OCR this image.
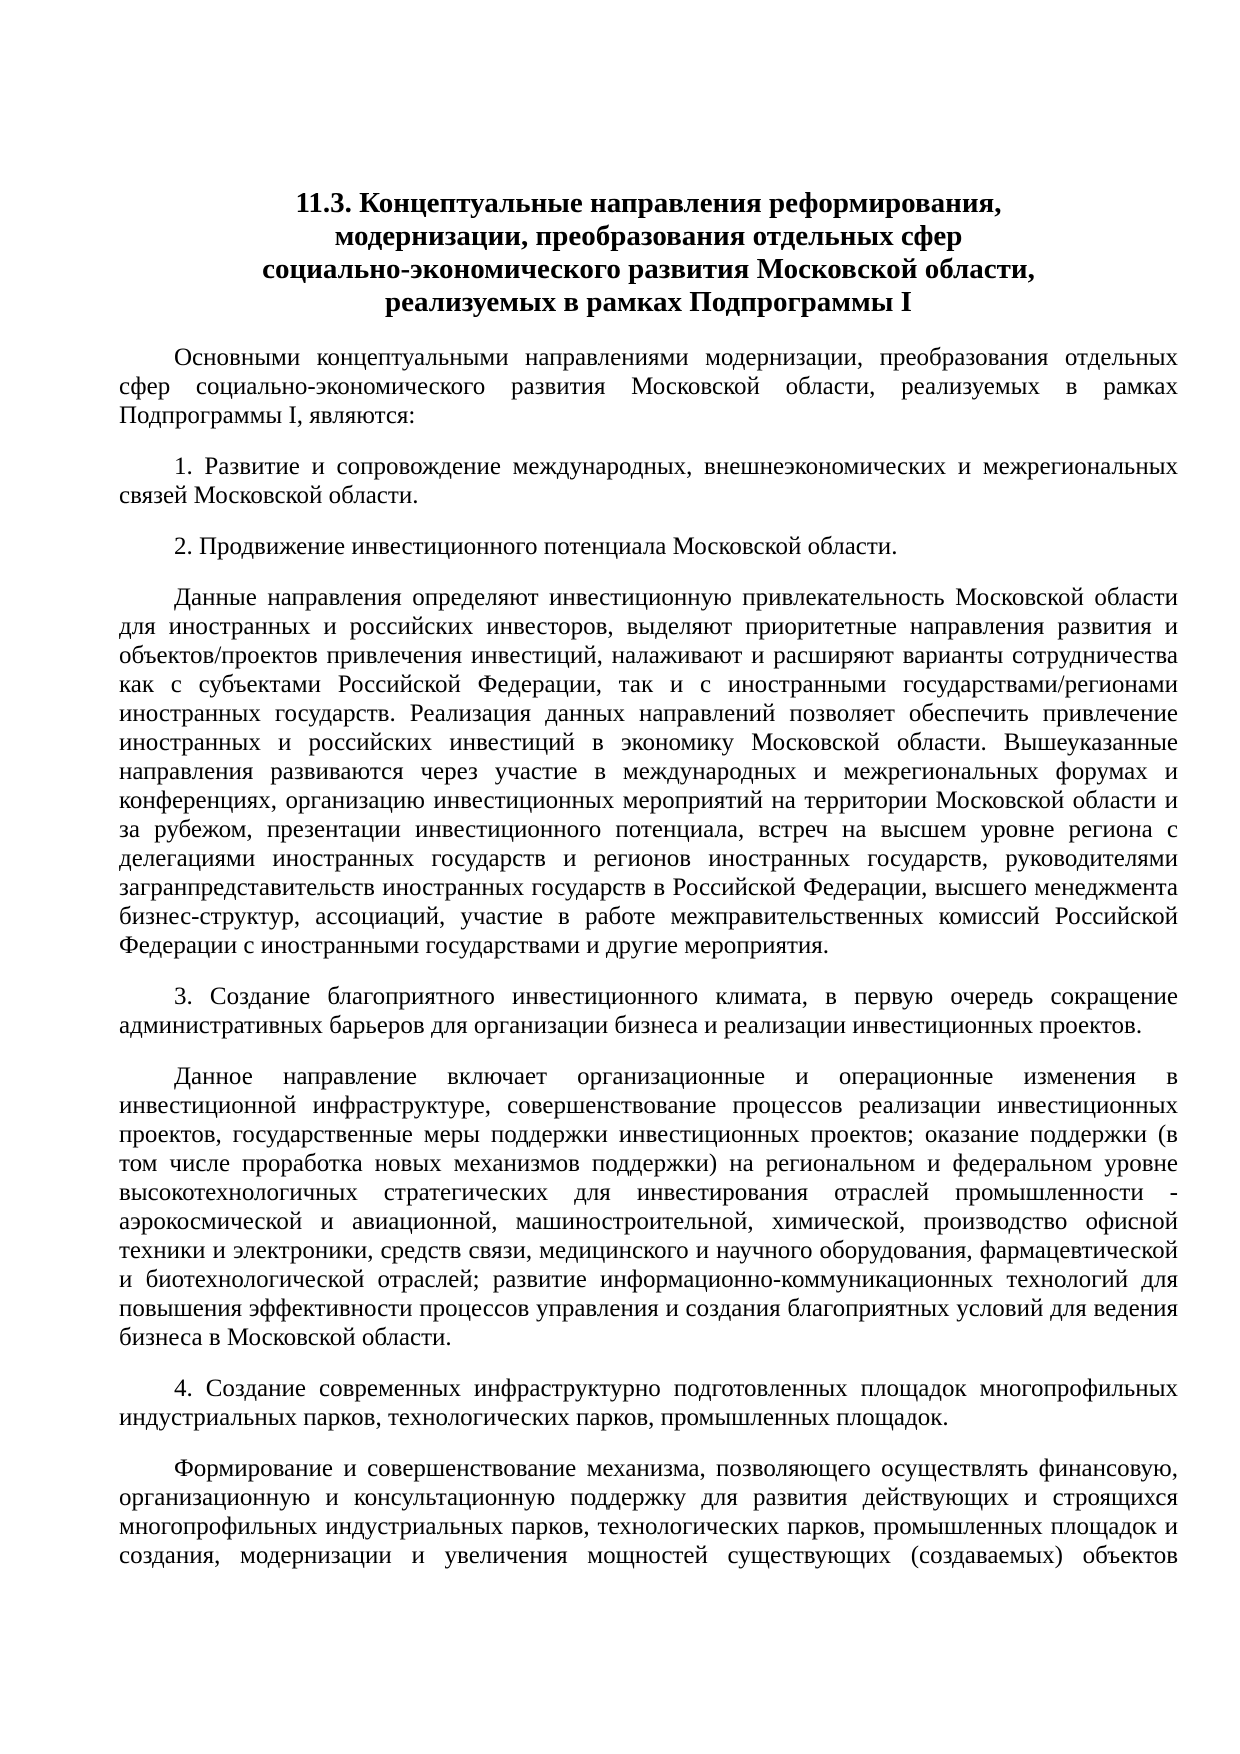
11.3. Концептуальные направления реформирования,
модернизации, преобразования отдельных сфер
социально-экономического развития Московской области,
реализуемых в рамках Подпрограммы I
Основными концептуальными направлениями модернизации, преобразования отдельных
сфер социально-экономического развития Московской области, реализуемых в рамках
Подпрограммы I, являются:
1. Развитие и сопровождение международных, внешнеэкономических и межрегиональных
связей Московской области.
2. Продвижение инвестиционного потенциала Московской области.
Данные направления определяют инвестиционную привлекательность Московской области
для иностранных и российских инвесторов, выделяют приоритетные направления развития и
объектов/проектов привлечения инвестиций, налаживают и расширяют варианты сотрудничества
как с субъектами Российской Федерации, так и с иностранными государствами/регионами
иностранных государств. Реализация данных направлений позволяет обеспечить привлечение
иностранных и российских инвестиций в экономику Московской области. Вышеуказанные
направления развиваются через участие в международных и межрегиональных форумах и
конференциях, организацию инвестиционных мероприятий на территории Московской области и
за рубежом, презентации инвестиционного потенциала, встреч на высшем уровне региона с
делегациями иностранных государств и регионов иностранных государств, руководителями
загранпредставительств иностранных государств в Российской Федерации, высшего менеджмента
бизнес-структур, ассоциаций, участие в работе межправительственных комиссий Российской
Федерации с иностранными государствами и другие мероприятия.
3. Создание благоприятного инвестиционного климата, в первую очередь сокращение
административных барьеров для организации бизнеса и реализации инвестиционных проектов.
Данное направление включает организационные и операционные изменения в
инвестиционной инфраструктуре, совершенствование процессов реализации инвестиционных
проектов, государственные меры поддержки инвестиционных проектов; оказание поддержки (в
том числе проработка новых механизмов поддержки) на региональном и федеральном уровне
высокотехнологичных стратегических для инвестирования отраслей промышленности -
аэрокосмической и авиационной, машиностроительной, химической, производство офисной
техники и электроники, средств связи, медицинского и научного оборудования, фармацевтической
и биотехнологической отраслей; развитие информационно-коммуникационных технологий для
повышения эффективности процессов управления и создания благоприятных условий для ведения
бизнеса в Московской области.
4. Создание современных инфраструктурно подготовленных площадок многопрофильных
индустриальных парков, технологических парков, промышленных площадок.
Формирование и совершенствование механизма, позволяющего осуществлять финансовую,
организационную и консультационную поддержку для развития действующих и строящихся
многопрофильных индустриальных парков, технологических парков, промышленных площадок и
создания, модернизации и увеличения мощностей существующих (создаваемых) объектов
